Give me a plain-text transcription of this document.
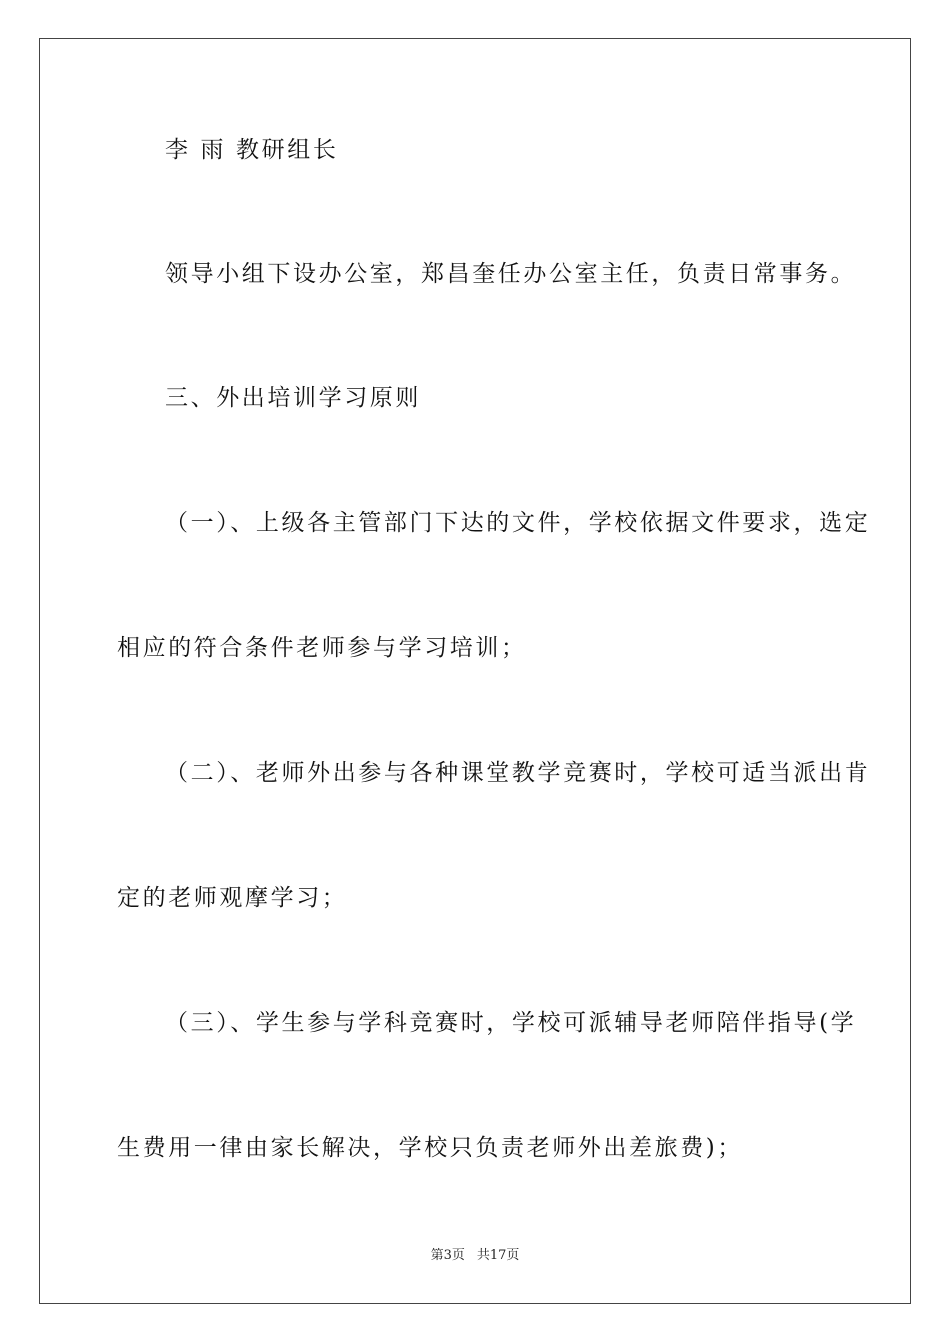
李 雨 教研组长
领导小组下设办公室，郑昌奎任办公室主任，负责日常事务。
三、外出培训学习原则
（一）、上级各主管部门下达的文件，学校依据文件要求，选定
相应的符合条件老师参与学习培训；
（二）、老师外出参与各种课堂教学竞赛时，学校可适当派出肯
定的老师观摩学习；
（三）、学生参与学科竞赛时，学校可派辅导老师陪伴指导(学
生费用一律由家长解决，学校只负责老师外出差旅费)；
第3页 共17页
